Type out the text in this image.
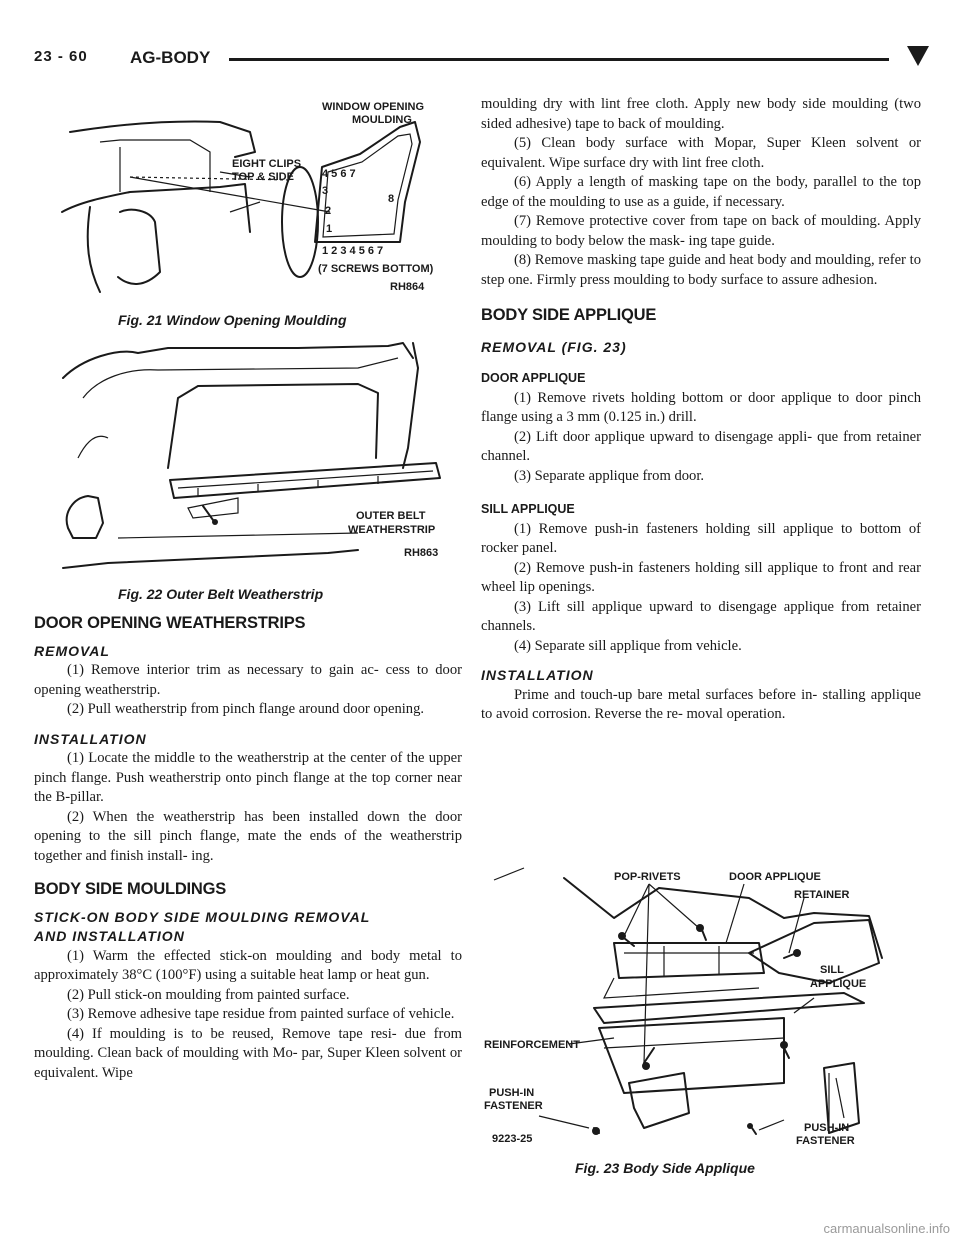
23 - 60 AG-BODY
4 5 6 7
3
2
1
8
1 2 3 4 5 6 7
WINDOW OPENING
MOULDING
EIGHT CLIPS
TOP & SIDE
(7 SCREWS BOTTOM)
RH864
Fig. 21 Window Opening Moulding
OUTER BELT
WEATHERSTRIP
RH863
Fig. 22 Outer Belt Weatherstrip

DOOR OPENING WEATHERSTRIPS

REMOVAL

(1) Remove interior trim as necessary to gain ac- cess to door opening weatherstrip.

(2) Pull weatherstrip from pinch flange around door opening.

INSTALLATION

(1) Locate the middle to the weatherstrip at the center of the upper pinch flange. Push weatherstrip onto pinch flange at the top corner near the B-pillar.

(2) When the weatherstrip has been installed down the door opening to the sill pinch flange, mate the ends of the weatherstrip together and finish install- ing.

BODY SIDE MOULDINGS

STICK-ON BODY SIDE MOULDING REMOVAL

AND INSTALLATION

(1) Warm the effected stick-on moulding and body metal to approximately 38°C (100°F) using a suitable heat lamp or heat gun.

(2) Pull stick-on moulding from painted surface.

(3) Remove adhesive tape residue from painted surface of vehicle.

(4) If moulding is to be reused, Remove tape resi- due from moulding. Clean back of moulding with Mo- par, Super Kleen solvent or equivalent. Wipe

moulding dry with lint free cloth. Apply new body side moulding (two sided adhesive) tape to back of moulding.

(5) Clean body surface with Mopar, Super Kleen solvent or equivalent. Wipe surface dry with lint free cloth.

(6) Apply a length of masking tape on the body, parallel to the top edge of the moulding to use as a guide, if necessary.

(7) Remove protective cover from tape on back of moulding. Apply moulding to body below the mask- ing tape guide.

(8) Remove masking tape guide and heat body and moulding, refer to step one. Firmly press moulding to body surface to assure adhesion.

BODY SIDE APPLIQUE

REMOVAL (FIG. 23)

DOOR APPLIQUE

(1) Remove rivets holding bottom or door applique to door pinch flange using a 3 mm (0.125 in.) drill.

(2) Lift door applique upward to disengage appli- que from retainer channel.

(3) Separate applique from door.

SILL APPLIQUE

(1) Remove push-in fasteners holding sill applique to bottom of rocker panel.

(2) Remove push-in fasteners holding sill applique to front and rear wheel lip openings.

(3) Lift sill applique upward to disengage applique from retainer channels.

(4) Separate sill applique from vehicle.

INSTALLATION

Prime and touch-up bare metal surfaces before in- stalling applique to avoid corrosion. Reverse the re- moval operation.

POP-RIVETS	DOOR APPLIQUE
RETAINER
SILL
APPLIQUE
REINFORCEMENT
PUSH-IN
FASTENER
PUSH-IN
FASTENER
9223-25
Fig. 23 Body Side Applique
carmanualsonline.info
